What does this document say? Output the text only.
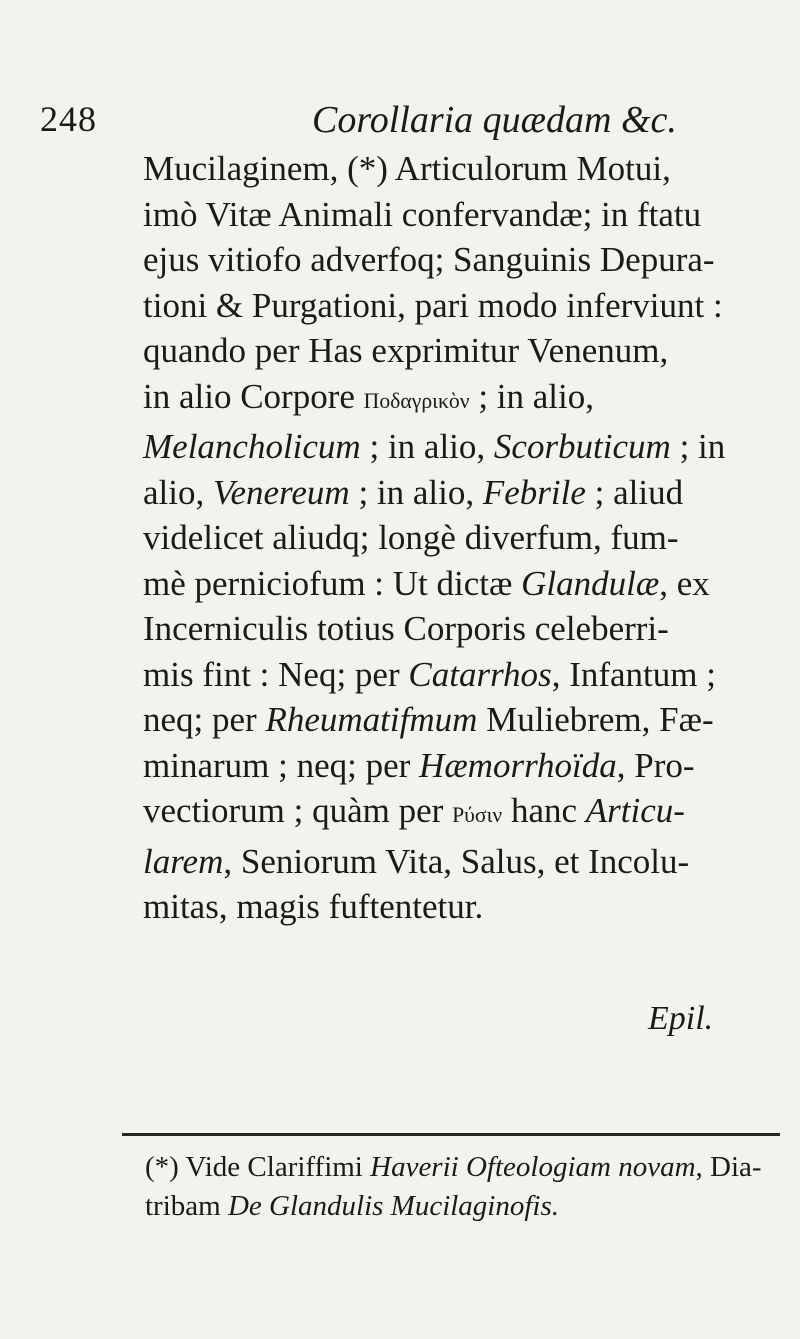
248	Corollaria quædam &c.
Mucilaginem, (*) Articulorum Motui,
imò Vitæ Animali confervandæ; in ftatu
ejus vitiofo adverfoq; Sanguinis Depura-
tioni & Purgationi, pari modo inferviunt :
quando per Has exprimitur Venenum,
in alio Corpore Ποδαγρικὸν ; in alio,
Melancholicum ; in alio, Scorbuticum ; in
alio, Venereum ; in alio, Febrile ; aliud
videlicet aliudq; longè diverfum, fum-
mè perniciofum : Ut dictæ Glandulæ, ex
Incerniculis totius Corporis celeberri-
mis fint : Neq; per Catarrhos, Infantum ;
neq; per Rheumatifmum Muliebrem, Fæ-
minarum ; neq; per Hæmorrhoïda, Pro-
vectiorum ; quàm per Ρύσιν hanc Articu-
larem, Seniorum Vita, Salus, et Incolu-
mitas, magis fuftentetur.
Epil.
(*) Vide Clariffimi Haverii Ofteologiam novam, Dia-
tribam De Glandulis Mucilaginofis.
